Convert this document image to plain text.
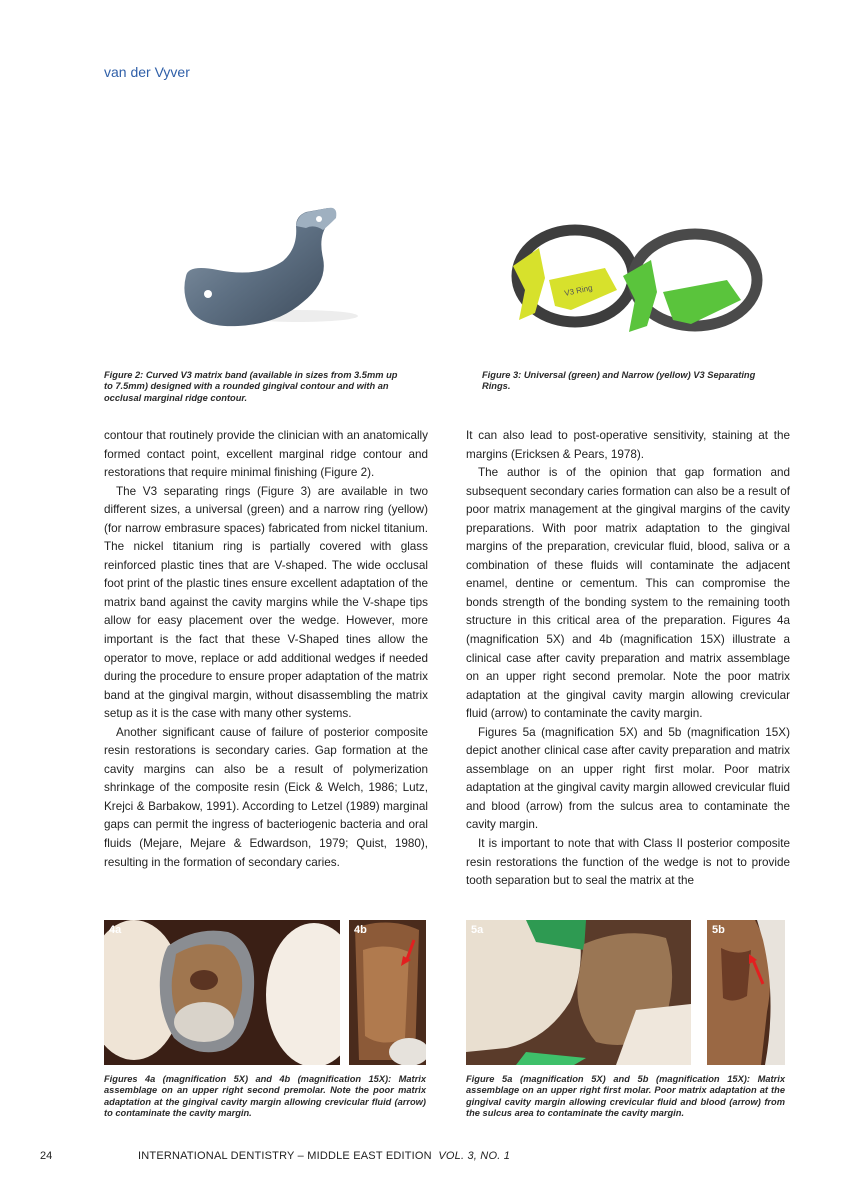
van der Vyver
Figure 2: Curved V3 matrix band (available in sizes from 3.5mm up to 7.5mm) designed with a rounded gingival contour and with an occlusal marginal ridge contour.
V3 Ring
Figure 3: Universal (green) and Narrow (yellow) V3 Separating Rings.

contour that routinely provide the clinician with an anatomically formed contact point, excellent marginal ridge contour and restorations that require minimal finishing (Figure 2).

The V3 separating rings (Figure 3) are available in two different sizes, a universal (green) and a narrow ring (yellow) (for narrow embrasure spaces) fabricated from nickel titanium. The nickel titanium ring is partially covered with glass reinforced plastic tines that are V-shaped. The wide occlusal foot print of the plastic tines ensure excellent adaptation of the matrix band against the cavity margins while the V-shape tips allow for easy placement over the wedge. However, more important is the fact that these V-Shaped tines allow the operator to move, replace or add additional wedges if needed during the procedure to ensure proper adaptation of the matrix band at the gingival margin, without disassembling the matrix setup as it is the case with many other systems.

Another significant cause of failure of posterior composite resin restorations is secondary caries. Gap formation at the cavity margins can also be a result of polymerization shrinkage of the composite resin (Eick & Welch, 1986; Lutz, Krejci & Barbakow, 1991). According to Letzel (1989) marginal gaps can permit the ingress of bacteriogenic bacteria and oral fluids (Mejare, Mejare & Edwardson, 1979; Quist, 1980), resulting in the formation of secondary caries.

It can also lead to post-operative sensitivity, staining at the margins (Ericksen & Pears, 1978).

The author is of the opinion that gap formation and subsequent secondary caries formation can also be a result of poor matrix management at the gingival margins of the cavity preparations. With poor matrix adaptation to the gingival margins of the preparation, crevicular fluid, blood, saliva or a combination of these fluids will contaminate the adjacent enamel, dentine or cementum. This can compromise the bonds strength of the bonding system to the remaining tooth structure in this critical area of the preparation. Figures 4a (magnification 5X) and 4b (magnification 15X) illustrate a clinical case after cavity preparation and matrix assemblage on an upper right second premolar. Note the poor matrix adaptation at the gingival cavity margin allowing crevicular fluid (arrow) to contaminate the cavity margin.

Figures 5a (magnification 5X) and 5b (magnification 15X) depict another clinical case after cavity preparation and matrix assemblage on an upper right first molar. Poor matrix adaptation at the gingival cavity margin allowed crevicular fluid and blood (arrow) from the sulcus area to contaminate the cavity margin.

It is important to note that with Class II posterior composite resin restorations the function of the wedge is not to provide tooth separation but to seal the matrix at the

4a	4b
Figures 4a (magnification 5X) and 4b (magnification 15X): Matrix assemblage on an upper right second premolar. Note the poor matrix adaptation at the gingival cavity margin allowing crevicular fluid (arrow) to contaminate the cavity margin.
5a	5b
Figure 5a (magnification 5X) and 5b (magnification 15X): Matrix assemblage on an upper right first molar. Poor matrix adaptation at the gingival cavity margin allowing crevicular fluid and blood (arrow) from the sulcus area to contaminate the cavity margin.
24	INTERNATIONAL DENTISTRY – MIDDLE EAST EDITION VOL. 3, NO. 1
